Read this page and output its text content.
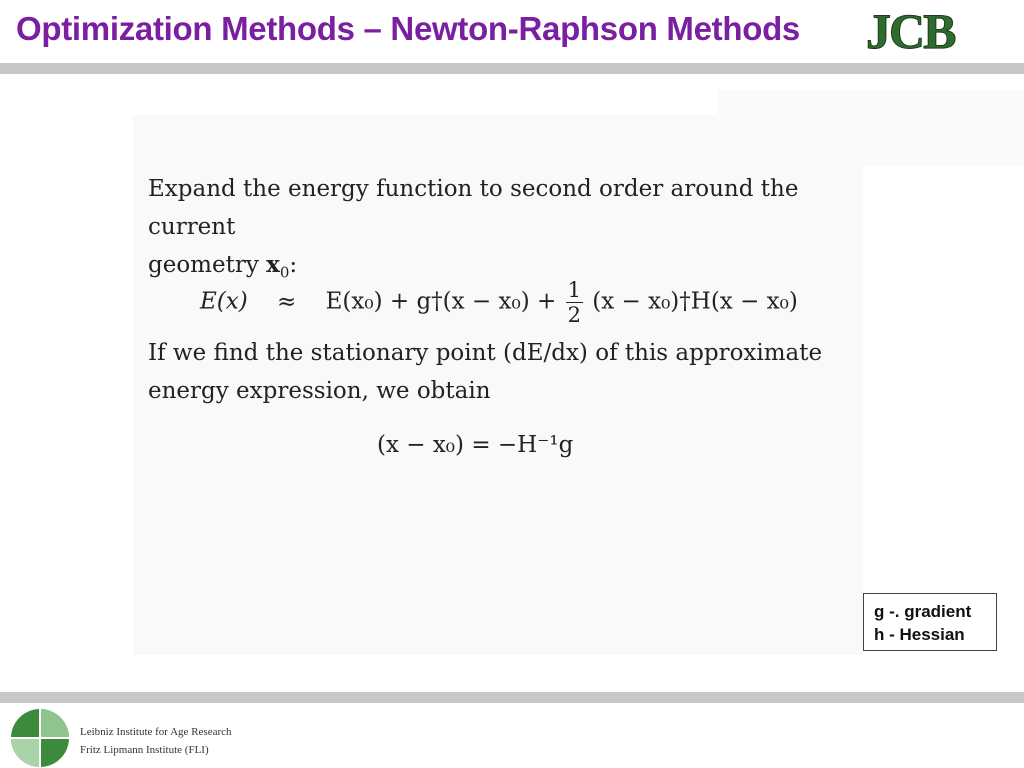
Optimization Methods – Newton-Raphson Methods JCB

Expand the energy function to second order around the current
geometry $x_0$:

E(x) ≈ E(x₀) + g†(x − $x_0) + \frac{1}{2} (x$ − x₀)†H(x − x₀)

If we find the stationary point (dE/dx) of this approximate
energy expression, we obtain

(x − x₀) = −H⁻¹g
g -. gradient
h - Hessian
Leibniz Institute for Age Research
Fritz Lipmann Institute (FLI)
